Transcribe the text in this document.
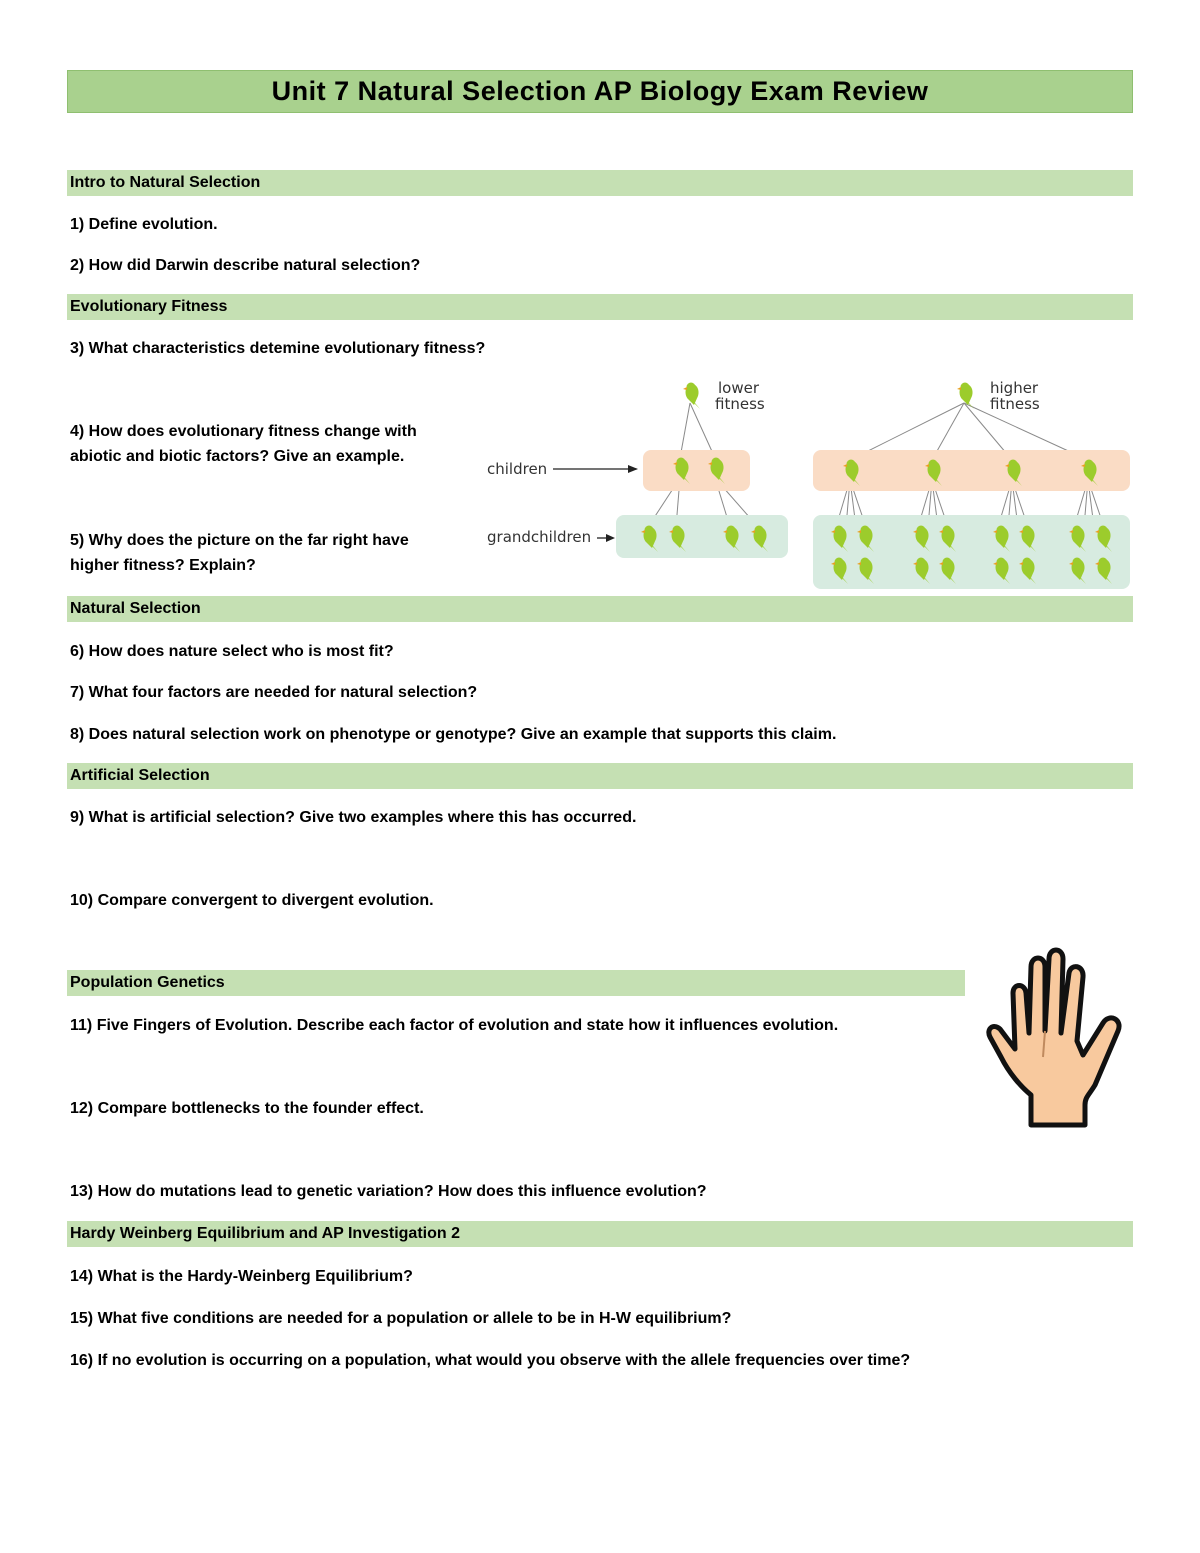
Unit 7 Natural Selection AP Biology Exam Review
Intro to Natural Selection
1) Define evolution.
2) How did Darwin describe natural selection?
Evolutionary Fitness
3) What characteristics detemine evolutionary fitness?
4) How does evolutionary fitness change with
abiotic and biotic factors? Give an example.
5) Why does the picture on the far right have
higher fitness? Explain?
lower
fitness
higher
fitness
children
grandchildren
Natural Selection
6) How does nature select who is most fit?
7) What four factors are needed for natural selection?
8) Does natural selection work on phenotype or genotype? Give an example that supports this claim.
Artificial Selection
9) What is artificial selection? Give two examples where this has occurred.
10) Compare convergent to divergent evolution.
Population Genetics
11) Five Fingers of Evolution. Describe each factor of evolution and state how it influences evolution.
12) Compare bottlenecks to the founder effect.
13) How do mutations lead to genetic variation? How does this influence evolution?
Hardy Weinberg Equilibrium and AP Investigation 2
14) What is the Hardy-Weinberg Equilibrium?
15) What five conditions are needed for a population or allele to be in H-W equilibrium?
16) If no evolution is occurring on a population, what would you observe with the allele frequencies over time?
